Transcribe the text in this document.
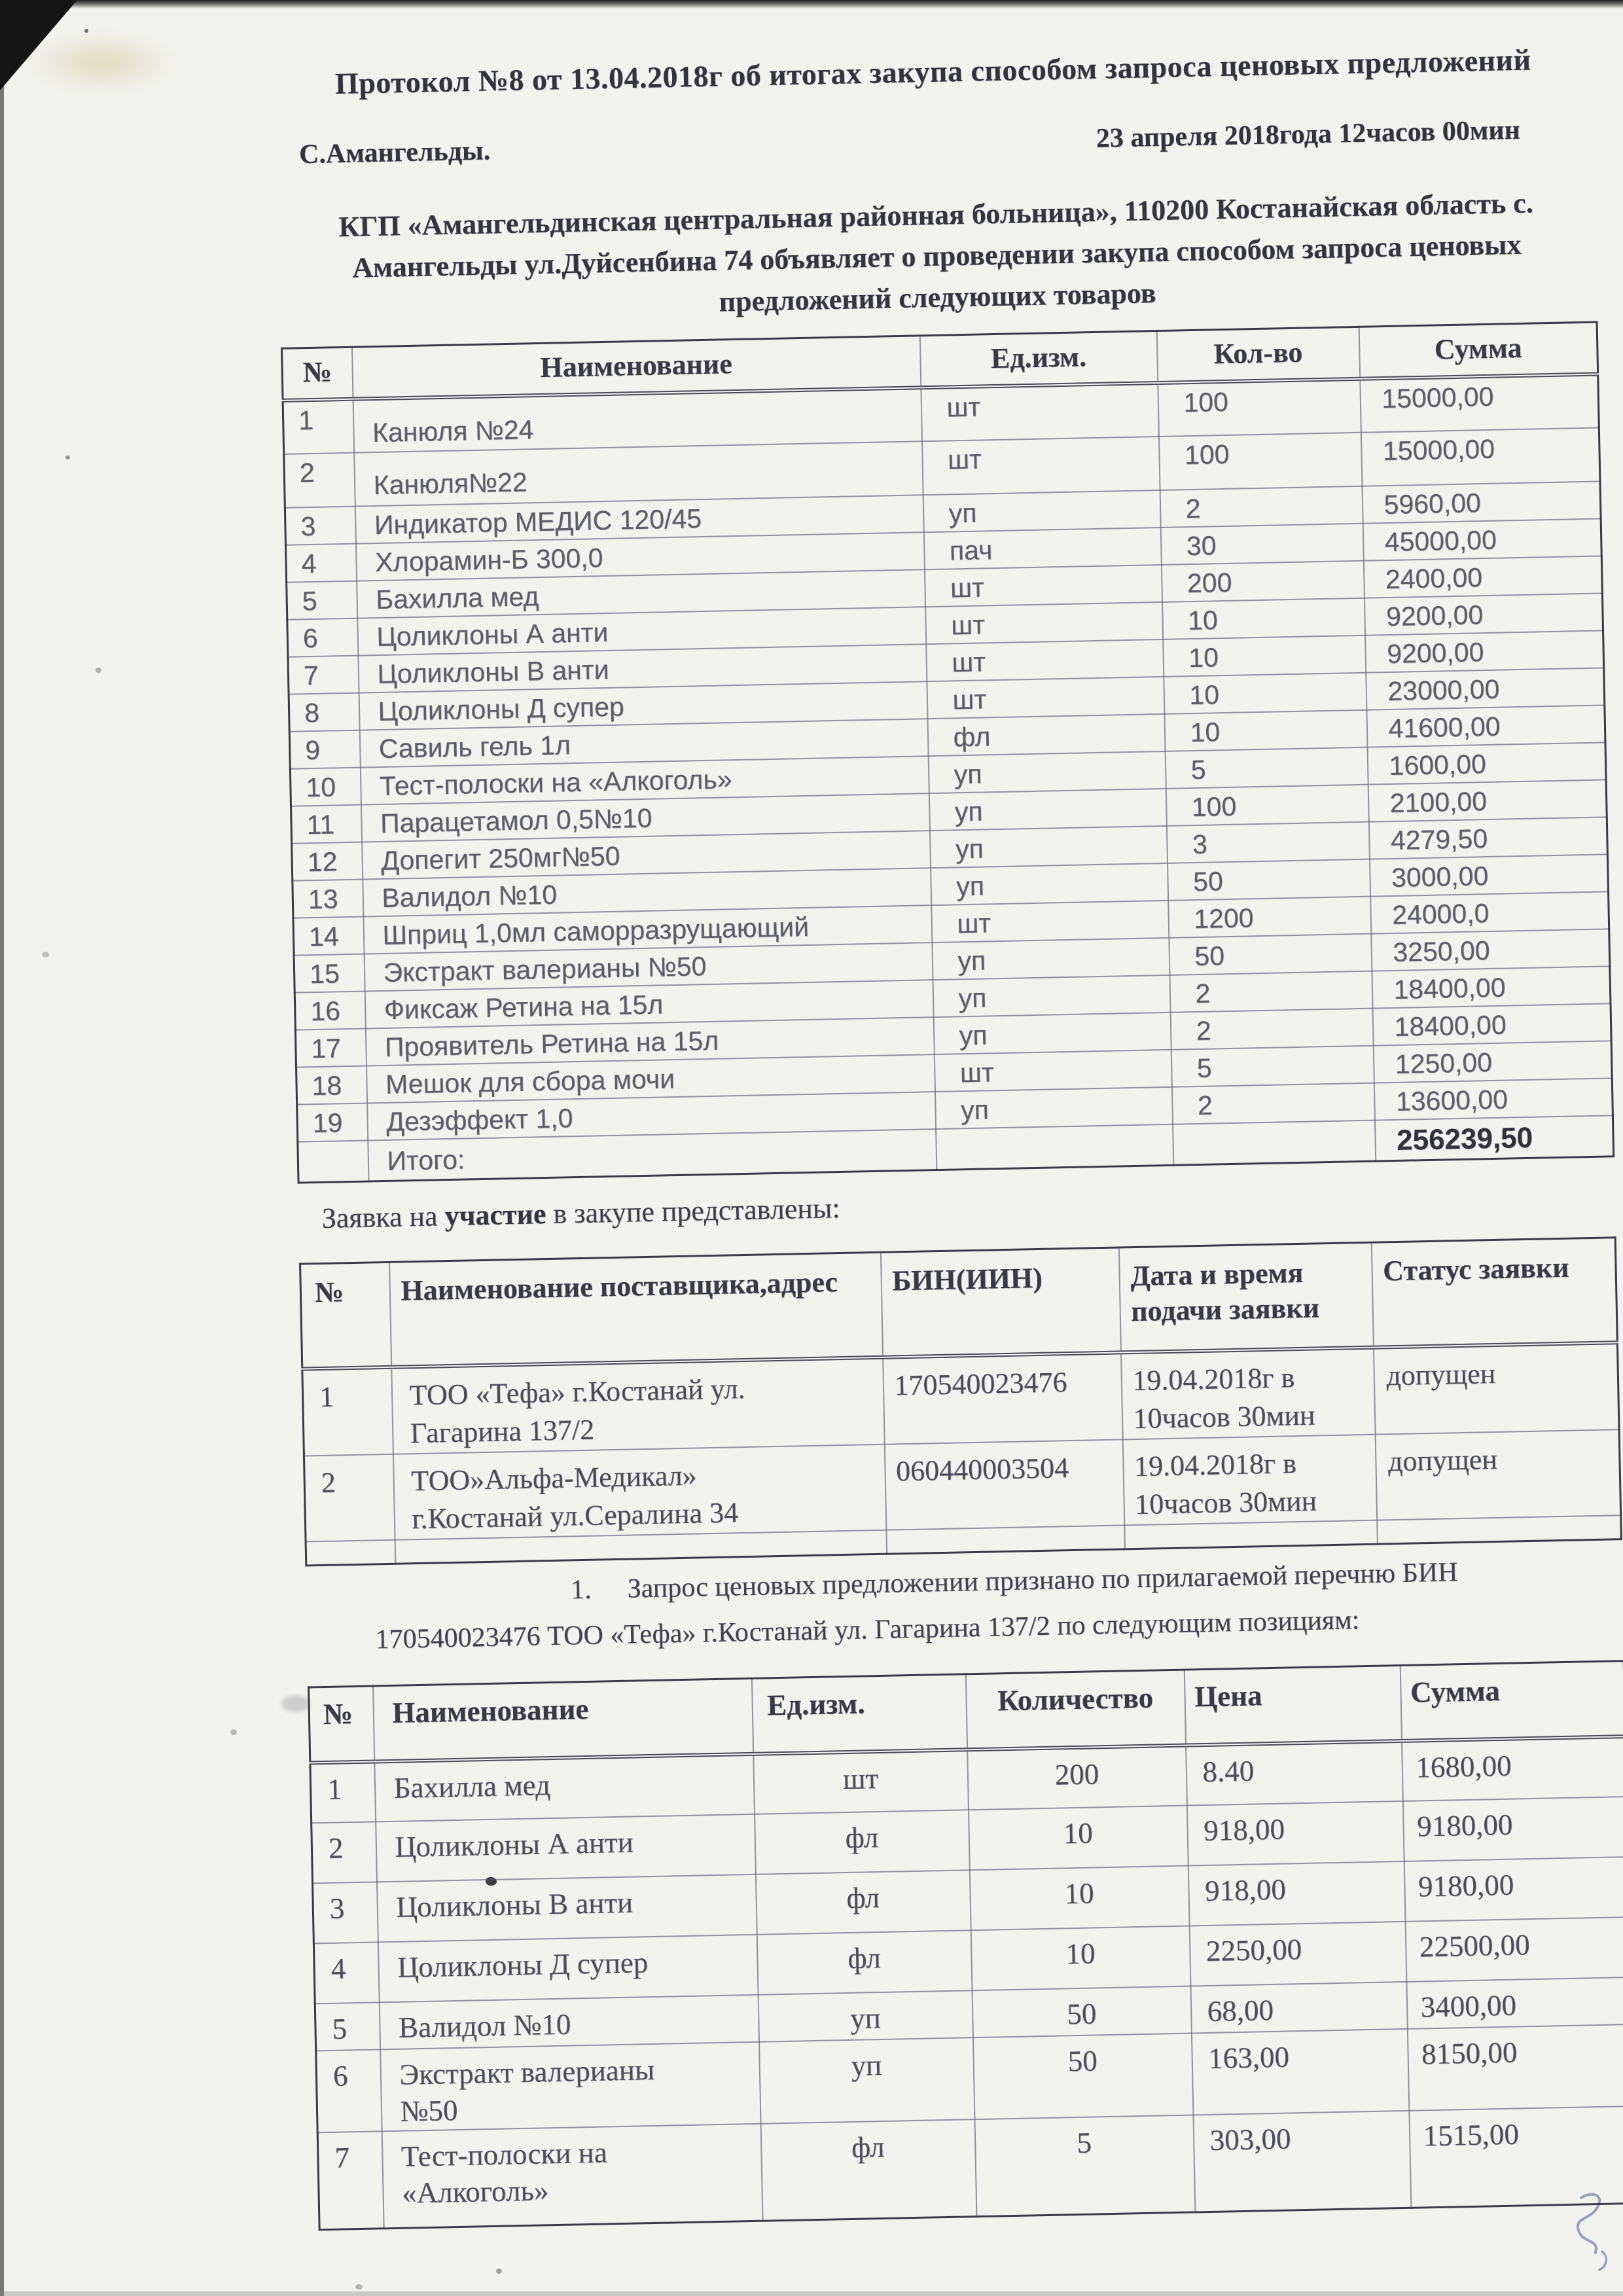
Протокол №8 от 13.04.2018г об итогах закупа способом запроса ценовых предложений
С.Амангельды.	23 апреля 2018года 12часов 00мин
КГП «Амангельдинская центральная районная больница», 110200 Костанайская область с. Амангельды ул.Дуйсенбина 74 объявляет о проведении закупа способом запроса ценовых предложений следующих товаров
№	Наименование	Ед.изм.	Кол-во	Сумма
1	Канюля №24	шт	100	15000,00
2	Канюля№22	шт	100	15000,00
3	Индикатор МЕДИС 120/45	уп	2	5960,00
4	Хлорамин-Б 300,0	пач	30	45000,00
5	Бахилла мед	шт	200	2400,00
6	Цоликлоны А анти	шт	10	9200,00
7	Цоликлоны В анти	шт	10	9200,00
8	Цоликлоны Д супер	шт	10	23000,00
9	Савиль гель 1л	фл	10	41600,00
10	Тест-полоски на «Алкоголь»	уп	5	1600,00
11	Парацетамол 0,5№10	уп	100	2100,00
12	Допегит 250мг№50	уп	3	4279,50
13	Валидол №10	уп	50	3000,00
14	Шприц 1,0мл саморразрущающий	шт	1200	24000,0
15	Экстракт валерианы №50	уп	50	3250,00
16	Фиксаж Ретина на 15л	уп	2	18400,00
17	Проявитель Ретина на 15л	уп	2	18400,00
18	Мешок для сбора мочи	шт	5	1250,00
19	Дезэффект 1,0	уп	2	13600,00
	Итого:			256239,50
Заявка на участие в закупе представлены:
№	Наименование поставщика,адрес	БИН(ИИН)	Дата и время подачи заявки	Статус заявки
1	ТОО «Тефа» г.Костанай ул. Гагарина 137/2	170540023476	19.04.2018г в 10часов 30мин	допущен
2	ТОО»Альфа-Медикал» г.Костанай ул.Сералина 34	060440003504	19.04.2018г в 10часов 30мин	допущен

1. Запрос ценовых предложении признано по прилагаемой перечню БИН 170540023476 ТОО «Тефа» г.Костанай ул. Гагарина 137/2 по следующим позициям:
№	Наименование	Ед.изм.	Количество	Цена	Сумма
1	Бахилла мед	шт	200	8.40	1680,00
2	Цоликлоны А анти	фл	10	918,00	9180,00
3	Цоликлоны В анти	фл	10	918,00	9180,00
4	Цоликлоны Д супер	фл	10	2250,00	22500,00
5	Валидол №10	уп	50	68,00	3400,00
6	Экстракт валерианы №50	уп	50	163,00	8150,00
7	Тест-полоски на «Алкоголь»	фл	5	303,00	1515,00
